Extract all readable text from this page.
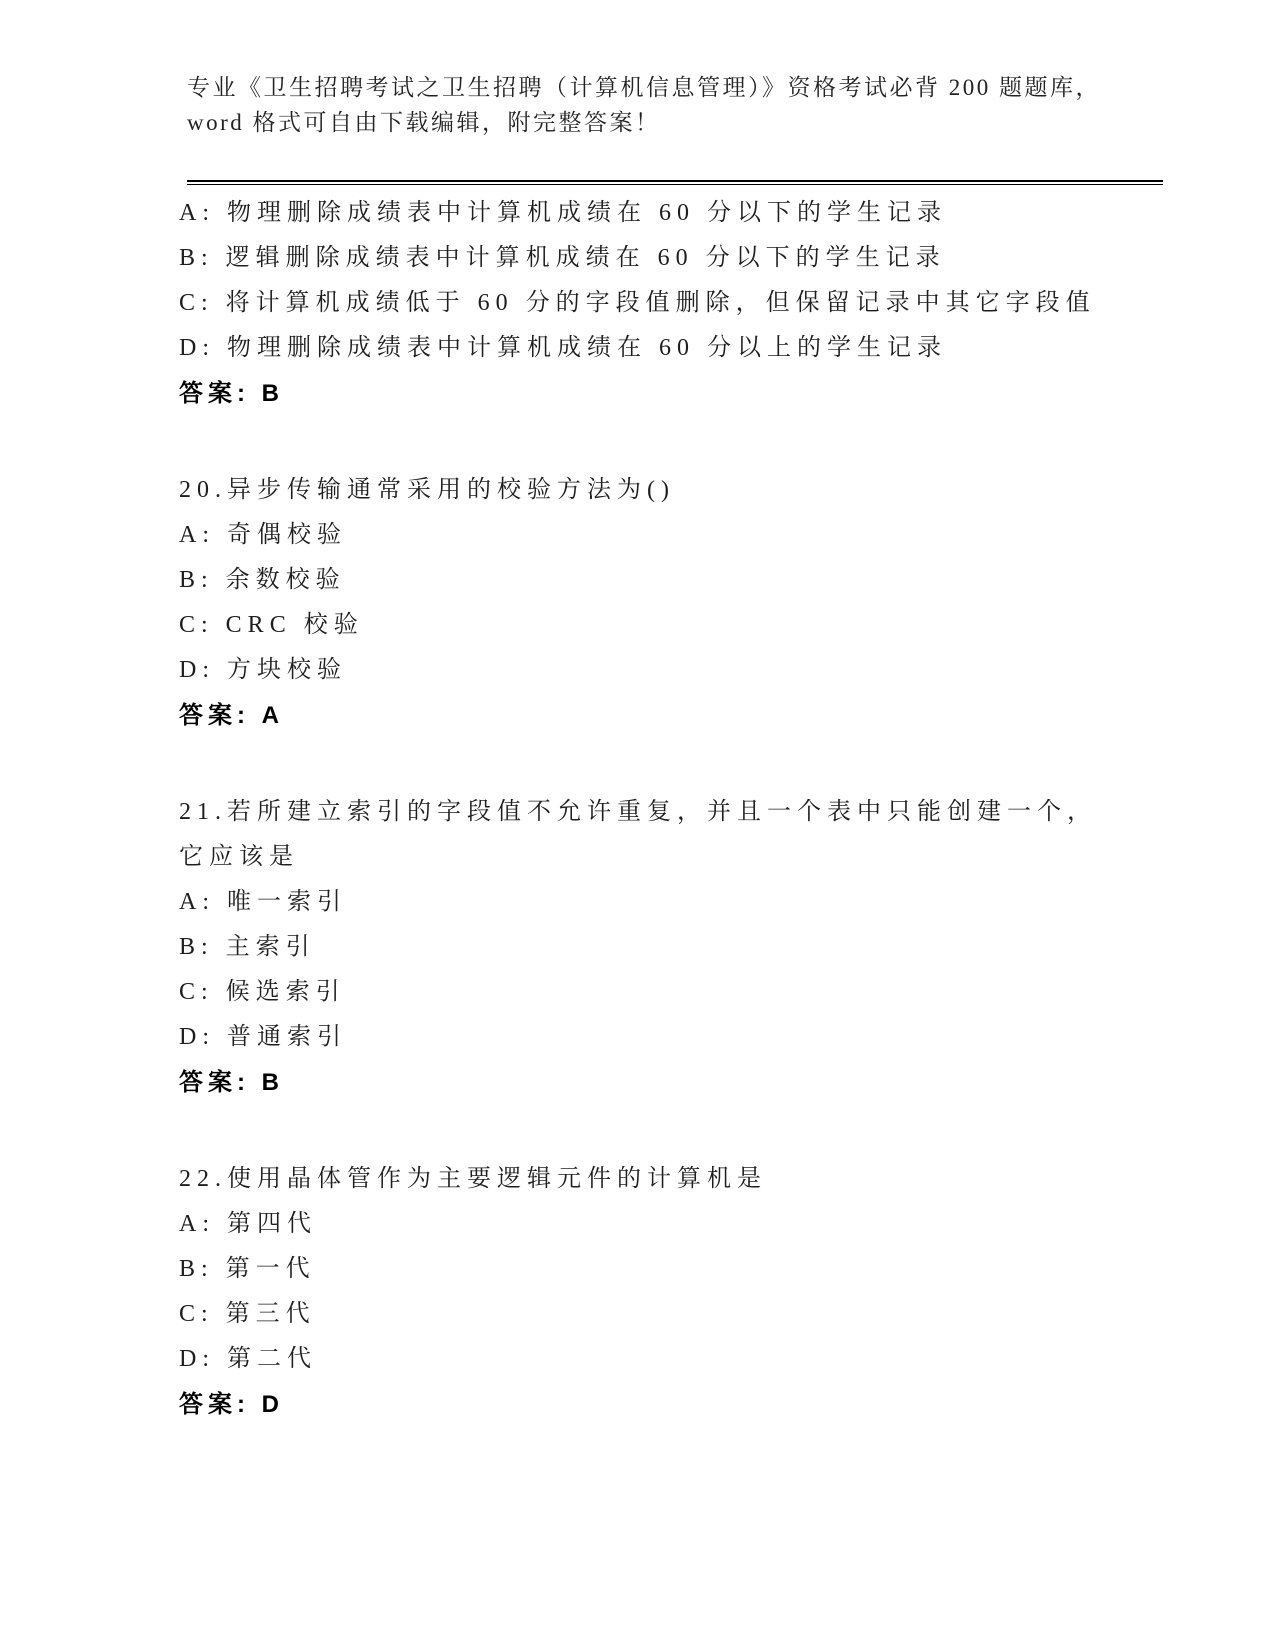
专业《卫生招聘考试之卫生招聘（计算机信息管理）》资格考试必背 200 题题库，
word 格式可自由下载编辑，附完整答案！
A: 物理删除成绩表中计算机成绩在 60 分以下的学生记录
B: 逻辑删除成绩表中计算机成绩在 60 分以下的学生记录
C: 将计算机成绩低于 60 分的字段值删除，但保留记录中其它字段值
D: 物理删除成绩表中计算机成绩在 60 分以上的学生记录
答案: B
20.异步传输通常采用的校验方法为()
A: 奇偶校验
B: 余数校验
C: CRC 校验
D: 方块校验
答案: A
21.若所建立索引的字段值不允许重复，并且一个表中只能创建一个，
它应该是
A: 唯一索引
B: 主索引
C: 候选索引
D: 普通索引
答案: B
22.使用晶体管作为主要逻辑元件的计算机是
A: 第四代
B: 第一代
C: 第三代
D: 第二代
答案: D
